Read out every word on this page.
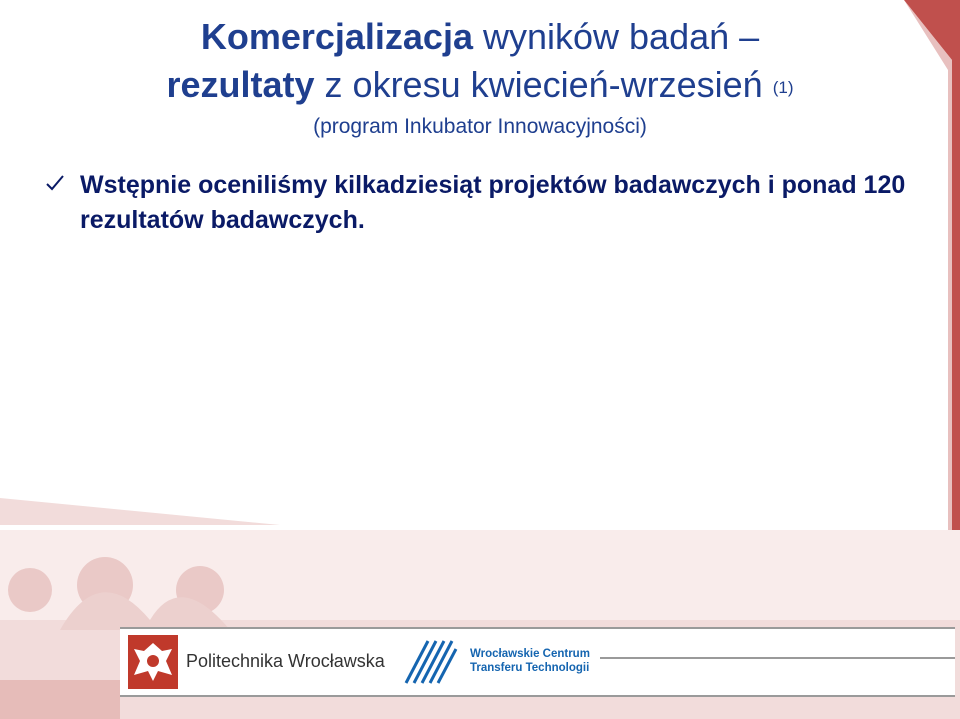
Komercjalizacja wyników badań –
rezultaty z okresu kwiecień-wrzesień (1)
(program Inkubator Innowacyjności)
Wstępnie oceniliśmy kilkadziesiąt projektów badawczych i ponad 120 rezultatów badawczych.
Politechnika Wrocławska	Wrocławskie Centrum
Transferu Technologii
